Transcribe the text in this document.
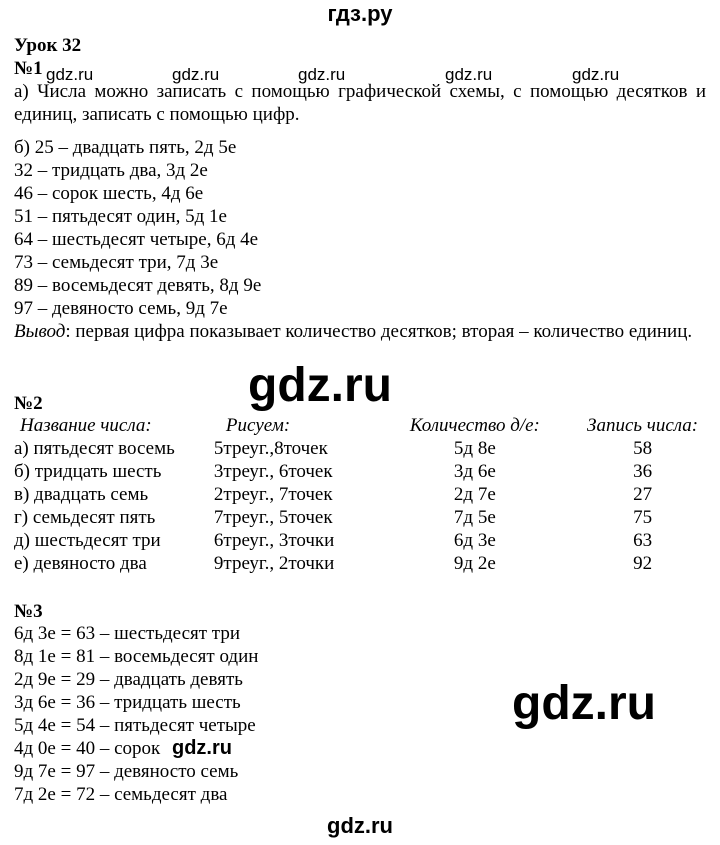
гдз.ру
Урок 32
№1 gdz.ru	gdz.ru	gdz.ru	gdz.ru	gdz.ru
а) Числа можно записать с помощью графической схемы, с помощью десятков и единиц, записать с помощью цифр.
б) 25 – двадцать пять, 2д 5е
32 – тридцать два, 3д 2е
46 – сорок шесть, 4д 6е
51 – пятьдесят один, 5д 1е
64 – шестьдесят четыре, 6д 4е
73 – семьдесят три, 7д 3е
89 – восемьдесят девять, 8д 9е
97 – девяносто семь, 9д 7е
Вывод: первая цифра показывает количество десятков; вторая – количество единиц.
gdz.ru
№2
Название числа:	Рисуем:	Количество д/е:	Запись числа:
а) пятьдесят восемь	5треуг.,8точек	5д 8е	58
б) тридцать шесть	3треуг., 6точек	3д 6е	36
в) двадцать семь	2треуг., 7точек	2д 7е	27
г) семьдесят пять	7треуг., 5точек	7д 5е	75
д) шестьдесят три	6треуг., 3точки	6д 3е	63
е) девяносто два	9треуг., 2точки	9д 2е	92
№3
6д 3е = 63 – шестьдесят три
8д 1е = 81 – восемьдесят один
2д 9е = 29 – двадцать девять
3д 6е = 36 – тридцать шесть
5д 4е = 54 – пятьдесят четыре
4д 0е = 40 – сорок
9д 7е = 97 – девяносто семь
7д 2е = 72 – семьдесят два
gdz.ru
gdz.ru
gdz.ru
